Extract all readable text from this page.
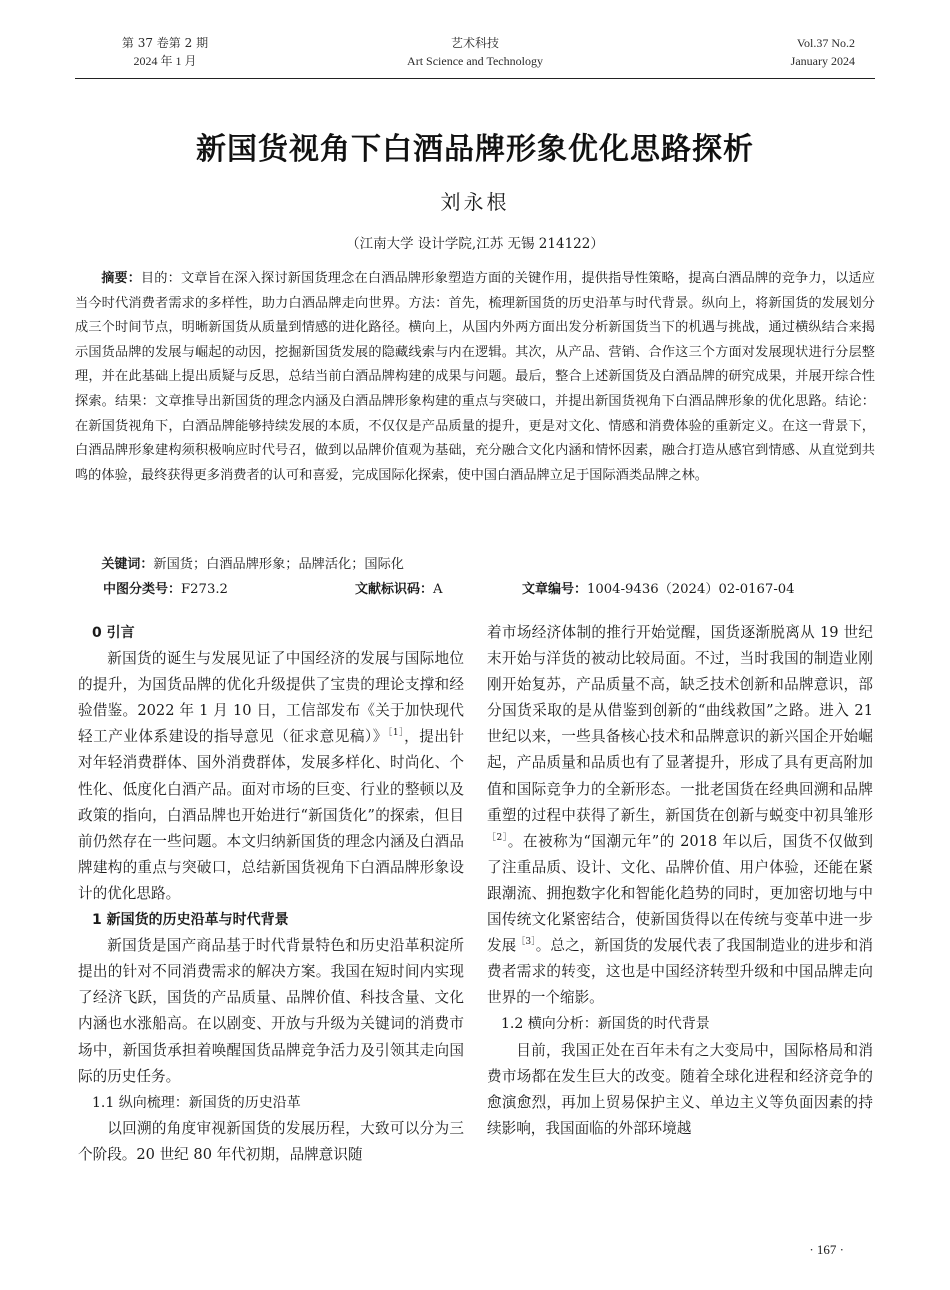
第 37 卷第 2 期
2024 年 1 月
艺术科技
Art Science and Technology
Vol.37 No.2
January 2024
新国货视角下白酒品牌形象优化思路探析
刘永根
（江南大学 设计学院,江苏 无锡 214122）
摘要：目的：文章旨在深入探讨新国货理念在白酒品牌形象塑造方面的关键作用，提供指导性策略，提高白酒品牌的竞争力，以适应当今时代消费者需求的多样性，助力白酒品牌走向世界。方法：首先，梳理新国货的历史沿革与时代背景。纵向上，将新国货的发展划分成三个时间节点，明晰新国货从质量到情感的进化路径。横向上，从国内外两方面出发分析新国货当下的机遇与挑战，通过横纵结合来揭示国货品牌的发展与崛起的动因，挖掘新国货发展的隐藏线索与内在逻辑。其次，从产品、营销、合作这三个方面对发展现状进行分层整理，并在此基础上提出质疑与反思，总结当前白酒品牌构建的成果与问题。最后，整合上述新国货及白酒品牌的研究成果，并展开综合性探索。结果：文章推导出新国货的理念内涵及白酒品牌形象构建的重点与突破口，并提出新国货视角下白酒品牌形象的优化思路。结论：在新国货视角下，白酒品牌能够持续发展的本质，不仅仅是产品质量的提升，更是对文化、情感和消费体验的重新定义。在这一背景下，白酒品牌形象建构须积极响应时代号召，做到以品牌价值观为基础，充分融合文化内涵和情怀因素，融合打造从感官到情感、从直觉到共鸣的体验，最终获得更多消费者的认可和喜爱，完成国际化探索，使中国白酒品牌立足于国际酒类品牌之林。
关键词：新国货；白酒品牌形象；品牌活化；国际化
中图分类号：F273.2	文献标识码：A	文章编号：1004-9436（2024）02-0167-04

0 引言

新国货的诞生与发展见证了中国经济的发展与国际地位的提升，为国货品牌的优化升级提供了宝贵的理论支撑和经验借鉴。2022 年 1 月 10 日，工信部发布《关于加快现代轻工产业体系建设的指导意见（征求意见稿）》$^{[1]}$，提出针对年轻消费群体、国外消费群体，发展多样化、时尚化、个性化、低度化白酒产品。面对市场的巨变、行业的整顿以及政策的指向，白酒品牌也开始进行“新国货化”的探索，但目前仍然存在一些问题。本文归纳新国货的理念内涵及白酒品牌建构的重点与突破口，总结新国货视角下白酒品牌形象设计的优化思路。

1 新国货的历史沿革与时代背景

新国货是国产商品基于时代背景特色和历史沿革积淀所提出的针对不同消费需求的解决方案。我国在短时间内实现了经济飞跃，国货的产品质量、品牌价值、科技含量、文化内涵也水涨船高。在以剧变、开放与升级为关键词的消费市场中，新国货承担着唤醒国货品牌竞争活力及引领其走向国际的历史任务。

1.1 纵向梳理：新国货的历史沿革

以回溯的角度审视新国货的发展历程，大致可以分为三个阶段。20 世纪 80 年代初期，品牌意识随

着市场经济体制的推行开始觉醒，国货逐渐脱离从 19 世纪末开始与洋货的被动比较局面。不过，当时我国的制造业刚刚开始复苏，产品质量不高，缺乏技术创新和品牌意识，部分国货采取的是从借鉴到创新的“曲线救国”之路。进入 21 世纪以来，一些具备核心技术和品牌意识的新兴国企开始崛起，产品质量和品质也有了显著提升，形成了具有更高附加值和国际竞争力的全新形态。一批老国货在经典回溯和品牌重塑的过程中获得了新生，新国货在创新与蜕变中初具雏形$^{[2]}$。在被称为“国潮元年”的 2018 年以后，国货不仅做到了注重品质、设计、文化、品牌价值、用户体验，还能在紧跟潮流、拥抱数字化和智能化趋势的同时，更加密切地与中国传统文化紧密结合，使新国货得以在传统与变革中进一步发展$^{[3]}$。总之，新国货的发展代表了我国制造业的进步和消费者需求的转变，这也是中国经济转型升级和中国品牌走向世界的一个缩影。

1.2 横向分析：新国货的时代背景

目前，我国正处在百年未有之大变局中，国际格局和消费市场都在发生巨大的改变。随着全球化进程和经济竞争的愈演愈烈，再加上贸易保护主义、单边主义等负面因素的持续影响，我国面临的外部环境越

· 167 ·
